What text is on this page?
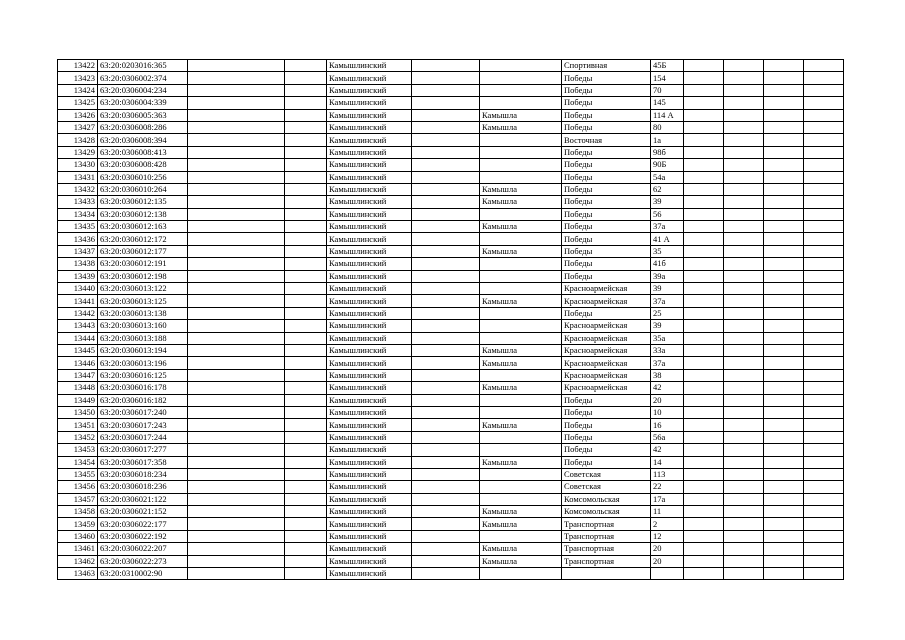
13422	63:20:0203016:365			Камышлинский			Спортивная	45Б				
13423	63:20:0306002:374			Камышлинский			Победы	154				
13424	63:20:0306004:234			Камышлинский			Победы	70				
13425	63:20:0306004:339			Камышлинский			Победы	145				
13426	63:20:0306005:363			Камышлинский		Камышла	Победы	114 А				
13427	63:20:0306008:286			Камышлинский		Камышла	Победы	80				
13428	63:20:0306008:394			Камышлинский			Восточная	1а				
13429	63:20:0306008:413			Камышлинский			Победы	98б				
13430	63:20:0306008:428			Камышлинский			Победы	90Б				
13431	63:20:0306010:256			Камышлинский			Победы	54а				
13432	63:20:0306010:264			Камышлинский		Камышла	Победы	62				
13433	63:20:0306012:135			Камышлинский		Камышла	Победы	39				
13434	63:20:0306012:138			Камышлинский			Победы	56				
13435	63:20:0306012:163			Камышлинский		Камышла	Победы	37а				
13436	63:20:0306012:172			Камышлинский			Победы	41 А				
13437	63:20:0306012:177			Камышлинский		Камышла	Победы	35				
13438	63:20:0306012:191			Камышлинский			Победы	41б				
13439	63:20:0306012:198			Камышлинский			Победы	39а				
13440	63:20:0306013:122			Камышлинский			Красноармейская	39				
13441	63:20:0306013:125			Камышлинский		Камышла	Красноармейская	37а				
13442	63:20:0306013:138			Камышлинский			Победы	25				
13443	63:20:0306013:160			Камышлинский			Красноармейская	39				
13444	63:20:0306013:188			Камышлинский			Красноармейская	35а				
13445	63:20:0306013:194			Камышлинский		Камышла	Красноармейская	33а				
13446	63:20:0306013:196			Камышлинский		Камышла	Красноармейская	37а				
13447	63:20:0306016:125			Камышлинский			Красноармейская	38				
13448	63:20:0306016:178			Камышлинский		Камышла	Красноармейская	42				
13449	63:20:0306016:182			Камышлинский			Победы	20				
13450	63:20:0306017:240			Камышлинский			Победы	10				
13451	63:20:0306017:243			Камышлинский		Камышла	Победы	16				
13452	63:20:0306017:244			Камышлинский			Победы	56а				
13453	63:20:0306017:277			Камышлинский			Победы	42				
13454	63:20:0306017:358			Камышлинский		Камышла	Победы	14				
13455	63:20:0306018:234			Камышлинский			Советская	113				
13456	63:20:0306018:236			Камышлинский			Советская	22				
13457	63:20:0306021:122			Камышлинский			Комсомольская	17а				
13458	63:20:0306021:152			Камышлинский		Камышла	Комсомольская	11				
13459	63:20:0306022:177			Камышлинский		Камышла	Транспортная	2				
13460	63:20:0306022:192			Камышлинский			Транспортная	12				
13461	63:20:0306022:207			Камышлинский		Камышла	Транспортная	20				
13462	63:20:0306022:273			Камышлинский		Камышла	Транспортная	20				
13463	63:20:0310002:90			Камышлинский								
